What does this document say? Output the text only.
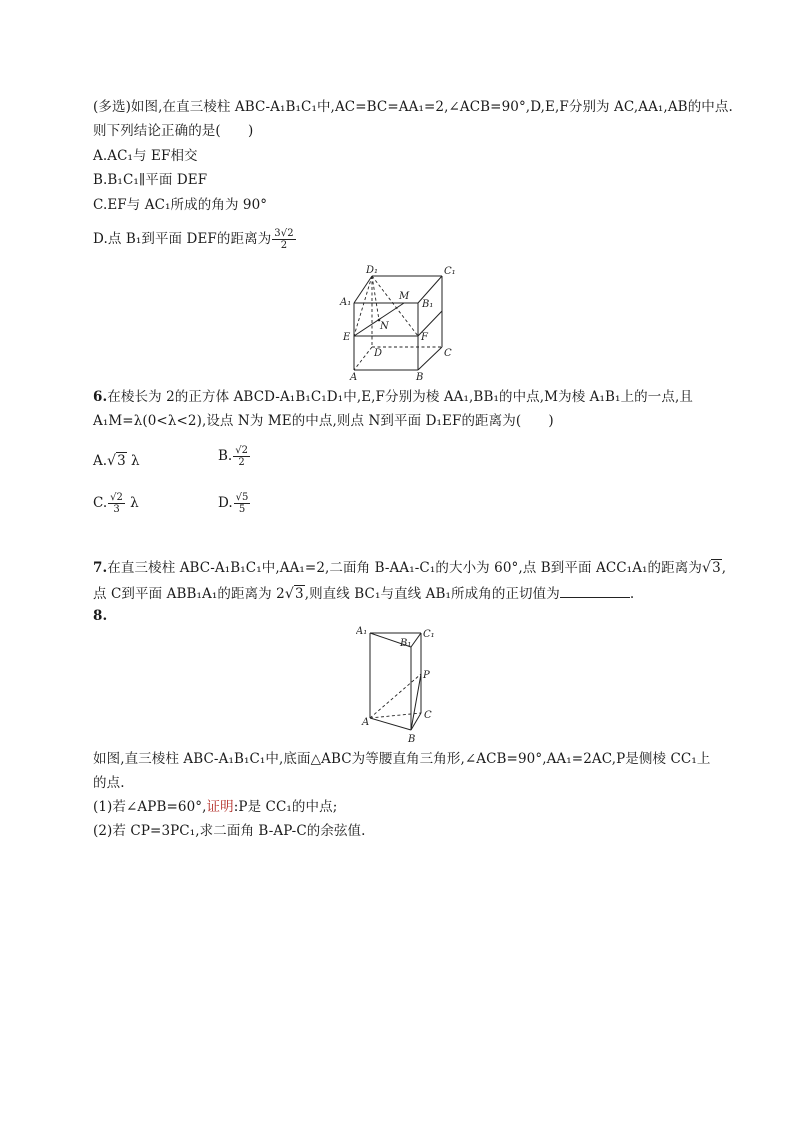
(多选)如图,在直三棱柱 ABC-A₁B₁C₁中,AC=BC=AA₁=2,∠ACB=90°,D,E,F分别为 AC,AA₁,AB的中点.
则下列结论正确的是(　　)
A.AC₁与 EF相交
B.B₁C₁∥平面 DEF
C.EF与 AC₁所成的角为 90°
D.点 B₁到平面 DEF的距离为 $\frac{3√2}{2}$
D₁	C₁
A₁	B₁
M
N
E	F
D	C
A	B
6.在棱长为 2的正方体 ABCD-A₁B₁C₁D₁中,E,F分别为棱 AA₁,BB₁的中点,M为棱 A₁B₁上的一点,且
A₁M=λ(0<λ<2),设点 N为 ME的中点,则点 N到平面 D₁EF的距离为(　　)
A.√3 λ	B. $\frac{√2}{2}$
C. $\frac{√2}{3}$ λ	D. $\frac{√5}{5}$
7.在直三棱柱 ABC-A₁B₁C₁中,AA₁=2,二面角 B-AA₁-C₁的大小为 60°,点 B到平面 ACC₁A₁的距离为√3,
点 C到平面 ABB₁A₁的距离为 2√3,则直线 BC₁与直线 AB₁所成角的正切值为	.
8.
A₁
B₁
C₁
P
A
C
B
如图,直三棱柱 ABC-A₁B₁C₁中,底面△ABC为等腰直角三角形,∠ACB=90°,AA₁=2AC,P是侧棱 CC₁上
的点.
(1)若∠APB=60°,证明:P是 CC₁的中点;
(2)若 CP=3PC₁,求二面角 B-AP-C的余弦值.
